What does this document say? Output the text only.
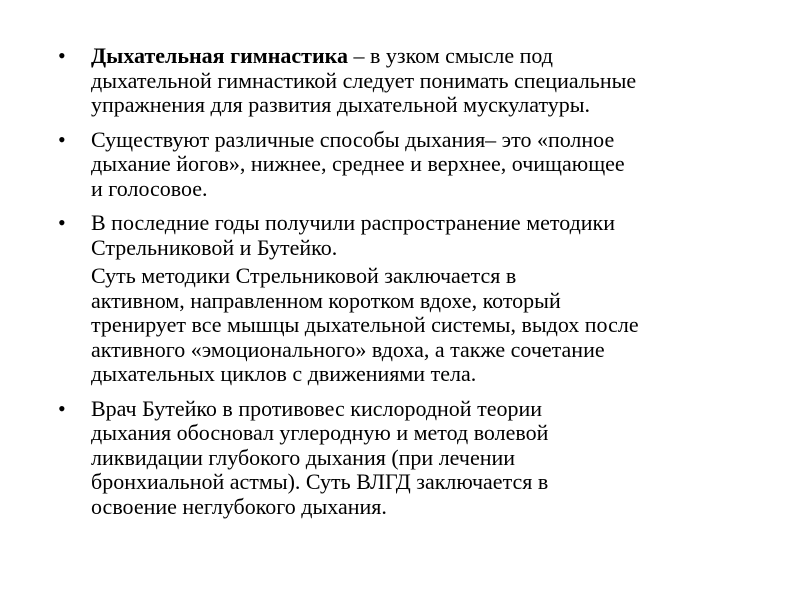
•	Дыхательная гимнастика – в узком смысле под
дыхательной гимнастикой следует понимать специальные
упражнения для развития дыхательной мускулатуры.
•	Существуют различные способы дыхания– это «полное
дыхание йогов», нижнее, среднее и верхнее, очищающее
и голосовое.
•	В последние годы получили распространение методики
Стрельниковой и Бутейко.
Суть методики Стрельниковой заключается в
активном, направленном коротком вдохе, который
тренирует все мышцы дыхательной системы, выдох после
активного «эмоционального» вдоха, а также сочетание
дыхательных циклов с движениями тела.
•	Врач Бутейко в противовес кислородной теории
дыхания обосновал углеродную и метод волевой
ликвидации глубокого дыхания (при лечении
бронхиальной астмы). Суть ВЛГД заключается в
освоение неглубокого дыхания.
